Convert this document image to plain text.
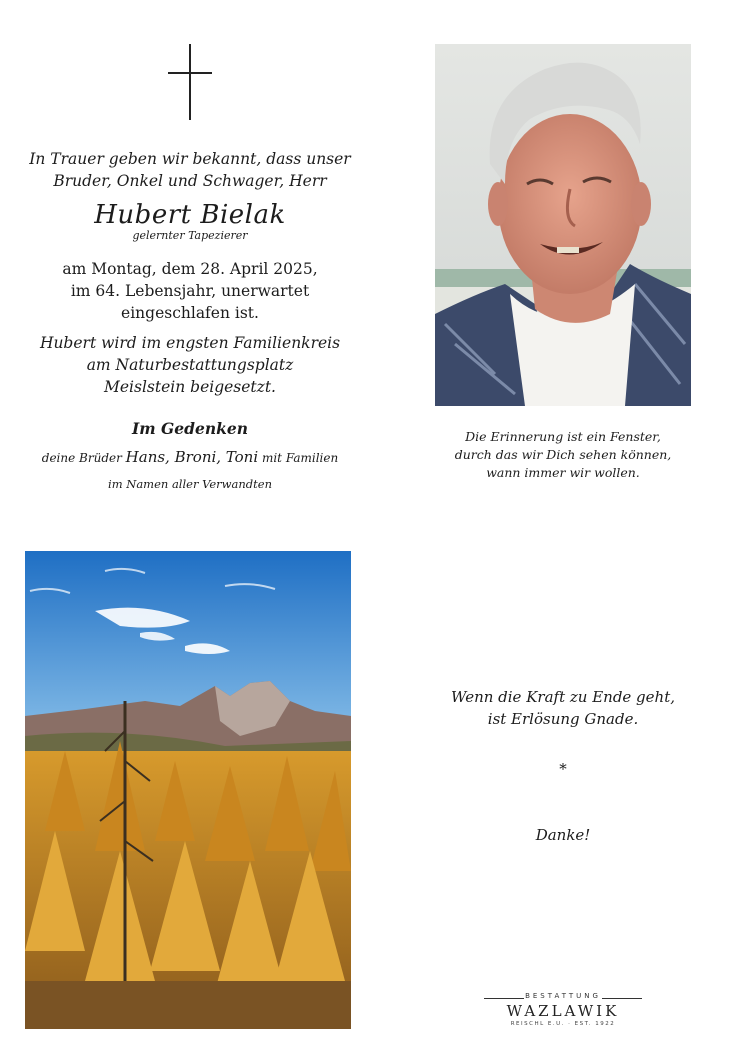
In Trauer geben wir bekannt, dass unser
Bruder, Onkel und Schwager, Herr
Hubert Bielak
gelernter Tapezierer
am Montag, dem 28. April 2025,
im 64. Lebensjahr, unerwartet
eingeschlafen ist.
Hubert wird im engsten Familienkreis
am Naturbestattungsplatz
Meislstein beigesetzt.
Im Gedenken
deine Brüder Hans, Broni, Toni mit Familien
im Namen aller Verwandten
Die Erinnerung ist ein Fenster,
durch das wir Dich sehen können,
wann immer wir wollen.
Wenn die Kraft zu Ende geht,
ist Erlösung Gnade.
*
Danke!
BESTATTUNG
WAZLAWIK
REISCHL E.U. · EST. 1922
